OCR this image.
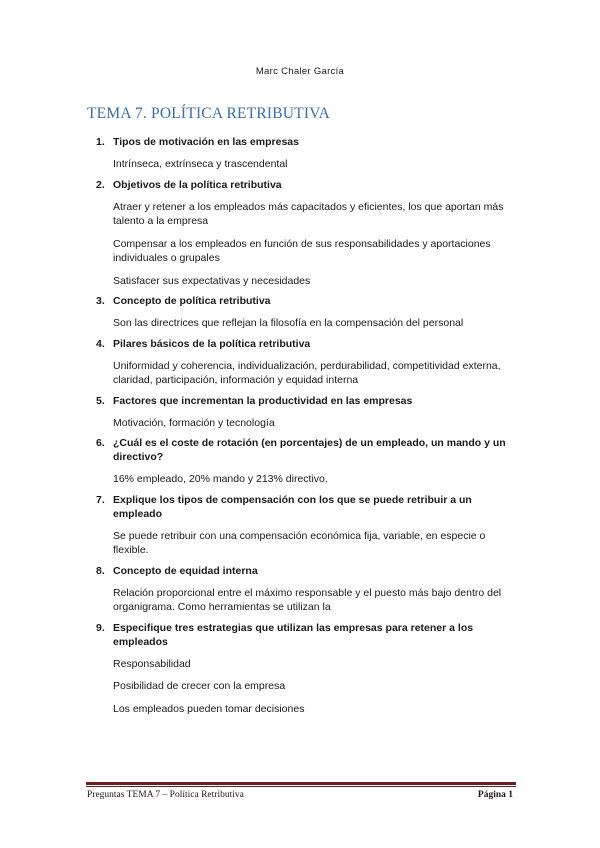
Marc Chaler García
TEMA 7. POLÍTICA RETRIBUTIVA
1. Tipos de motivación en las empresas
Intrínseca, extrínseca y trascendental
2. Objetivos de la política retributiva
Atraer y retener a los empleados más capacitados y eficientes, los que aportan más talento a la empresa
Compensar a los empleados en función de sus responsabilidades y aportaciones individuales o grupales
Satisfacer sus expectativas y necesidades
3. Concepto de política retributiva
Son las directrices que reflejan la filosofía en la compensación del personal
4. Pilares básicos de la política retributiva
Uniformidad y coherencia, individualización, perdurabilidad, competitividad externa, claridad, participación, información y equidad interna
5. Factores que incrementan la productividad en las empresas
Motivación, formación y tecnología
6. ¿Cuál es el coste de rotación (en porcentajes) de un empleado, un mando y un directivo?
16% empleado, 20% mando y 213% directivo.
7. Explique los tipos de compensación con los que se puede retribuir a un empleado
Se puede retribuir con una compensación económica fija, variable, en especie o flexible.
8. Concepto de equidad interna
Relación proporcional entre el máximo responsable y el puesto más bajo dentro del organigrama. Como herramientas se utilizan la
9. Especifique tres estrategias que utilizan las empresas para retener a los empleados
Responsabilidad
Posibilidad de crecer con la empresa
Los empleados pueden tomar decisiones
Preguntas TEMA 7 – Política Retributiva	Página 1
